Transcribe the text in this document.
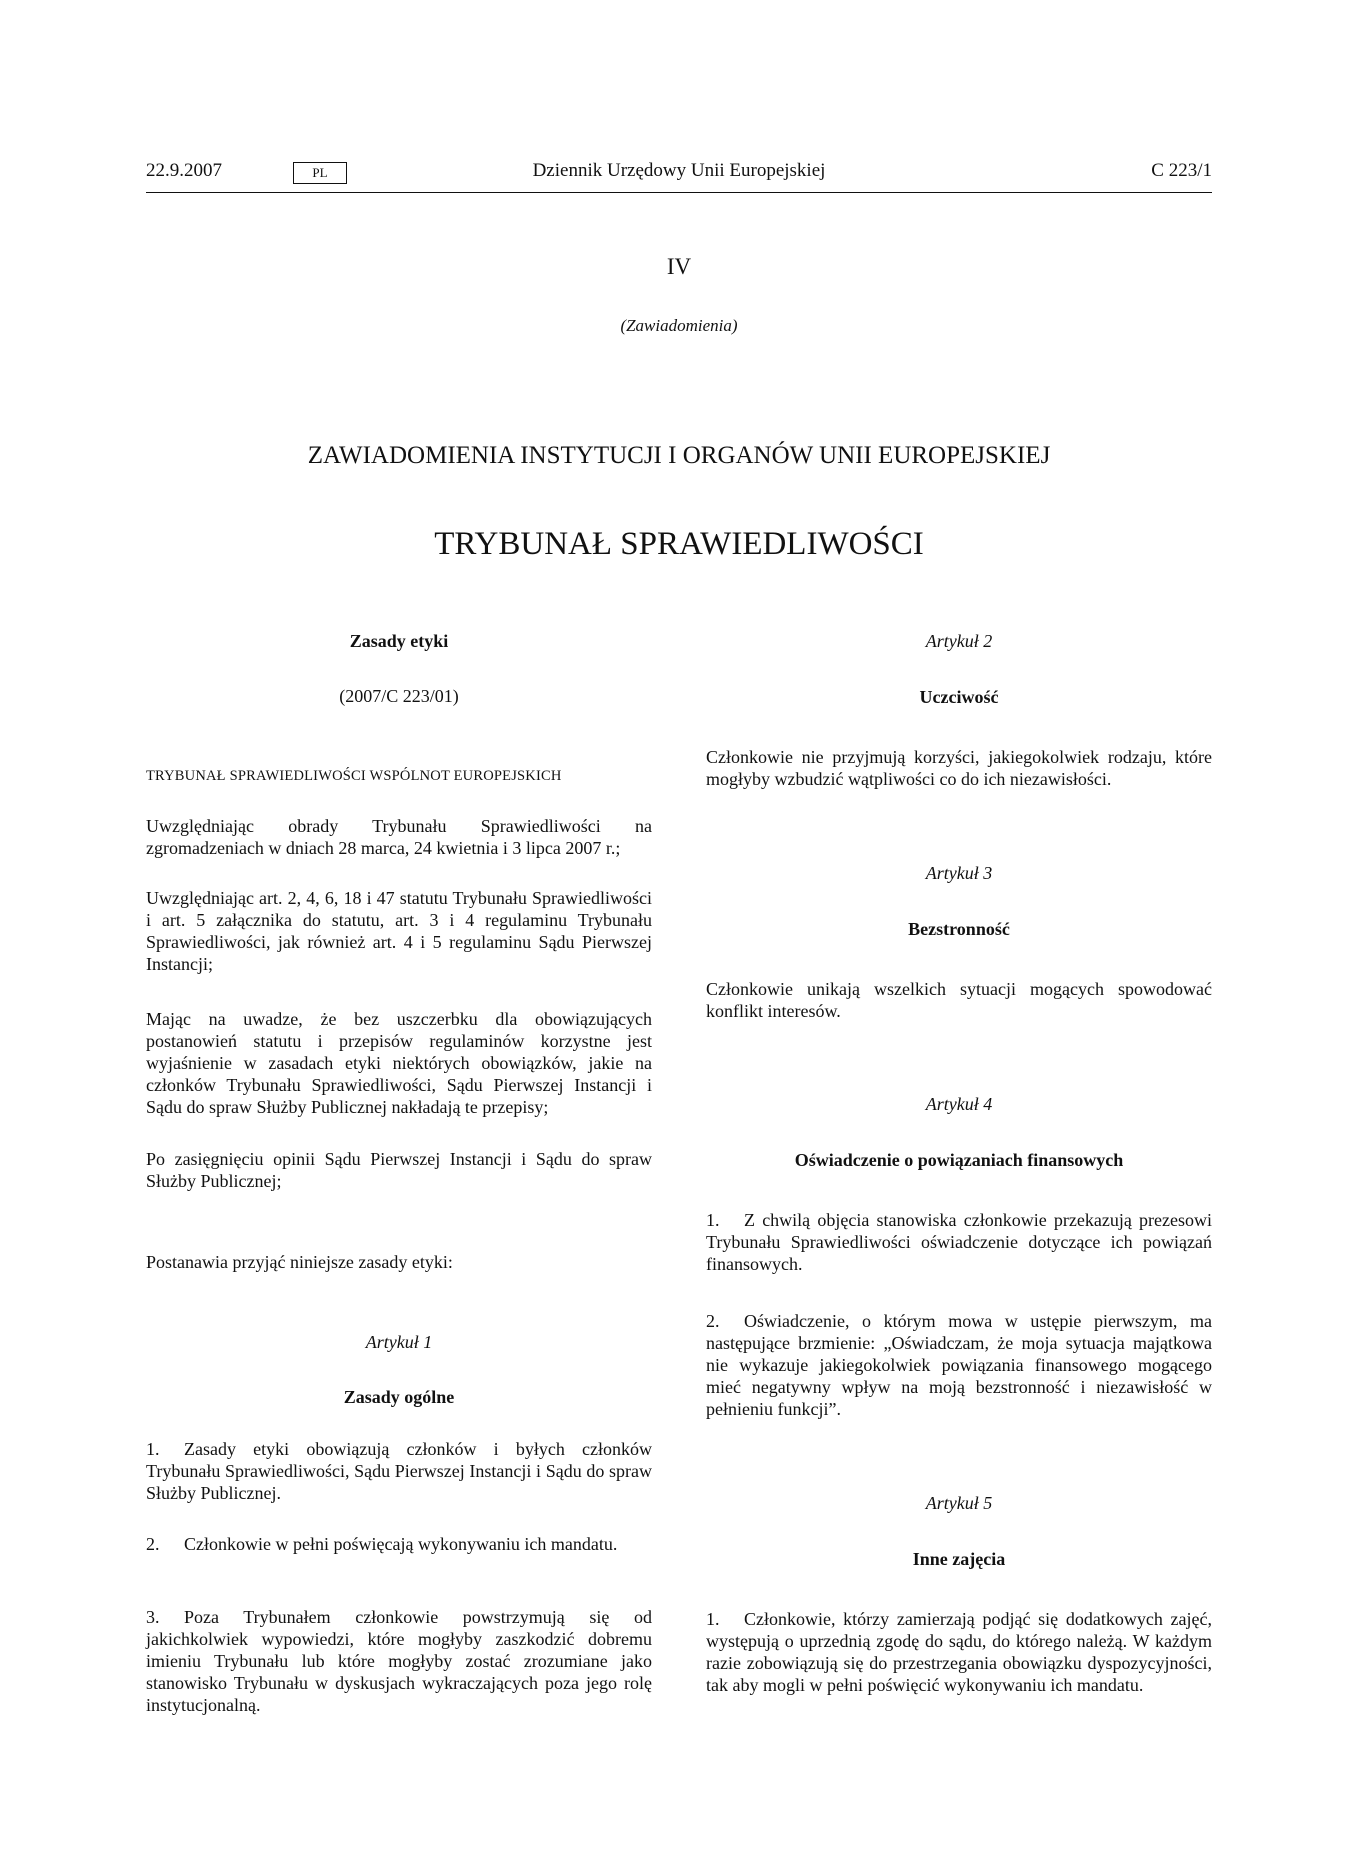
22.9.2007	Dziennik Urzędowy Unii Europejskiej
PL	C 223/1
IV
(Zawiadomienia)
ZAWIADOMIENIA INSTYTUCJI I ORGANÓW UNII EUROPEJSKIEJ
TRYBUNAŁ SPRAWIEDLIWOŚCI

Zasady etyki

(2007/C 223/01)

TRYBUNAŁ SPRAWIEDLIWOŚCI WSPÓLNOT EUROPEJSKICH

Uwzględniając obrady Trybunału Sprawiedliwości na zgromadzeniach w dniach 28 marca, 24 kwietnia i 3 lipca 2007 r.;

Uwzględniając art. 2, 4, 6, 18 i 47 statutu Trybunału Sprawiedliwości i art. 5 załącznika do statutu, art. 3 i 4 regulaminu Trybunału Sprawiedliwości, jak również art. 4 i 5 regulaminu Sądu Pierwszej Instancji;

Mając na uwadze, że bez uszczerbku dla obowiązujących postanowień statutu i przepisów regulaminów korzystne jest wyjaśnienie w zasadach etyki niektórych obowiązków, jakie na członków Trybunału Sprawiedliwości, Sądu Pierwszej Instancji i Sądu do spraw Służby Publicznej nakładają te przepisy;

Po zasięgnięciu opinii Sądu Pierwszej Instancji i Sądu do spraw Służby Publicznej;

Postanawia przyjąć niniejsze zasady etyki:

Artykuł 1

Zasady ogólne

1. Zasady etyki obowiązują członków i byłych członków Trybunału Sprawiedliwości, Sądu Pierwszej Instancji i Sądu do spraw Służby Publicznej.

2. Członkowie w pełni poświęcają wykonywaniu ich mandatu.

3. Poza Trybunałem członkowie powstrzymują się od jakichkolwiek wypowiedzi, które mogłyby zaszkodzić dobremu imieniu Trybunału lub które mogłyby zostać zrozumiane jako stanowisko Trybunału w dyskusjach wykraczających poza jego rolę instytucjonalną.

Artykuł 2

Uczciwość

Członkowie nie przyjmują korzyści, jakiegokolwiek rodzaju, które mogłyby wzbudzić wątpliwości co do ich niezawisłości.

Artykuł 3

Bezstronność

Członkowie unikają wszelkich sytuacji mogących spowodować konflikt interesów.

Artykuł 4

Oświadczenie o powiązaniach finansowych

1. Z chwilą objęcia stanowiska członkowie przekazują prezesowi Trybunału Sprawiedliwości oświadczenie dotyczące ich powiązań finansowych.

2. Oświadczenie, o którym mowa w ustępie pierwszym, ma następujące brzmienie: „Oświadczam, że moja sytuacja majątkowa nie wykazuje jakiegokolwiek powiązania finansowego mogącego mieć negatywny wpływ na moją bezstronność i niezawisłość w pełnieniu funkcji”.

Artykuł 5

Inne zajęcia

1. Członkowie, którzy zamierzają podjąć się dodatkowych zajęć, występują o uprzednią zgodę do sądu, do którego należą. W każdym razie zobowiązują się do przestrzegania obowiązku dyspozycyjności, tak aby mogli w pełni poświęcić wykonywaniu ich mandatu.
